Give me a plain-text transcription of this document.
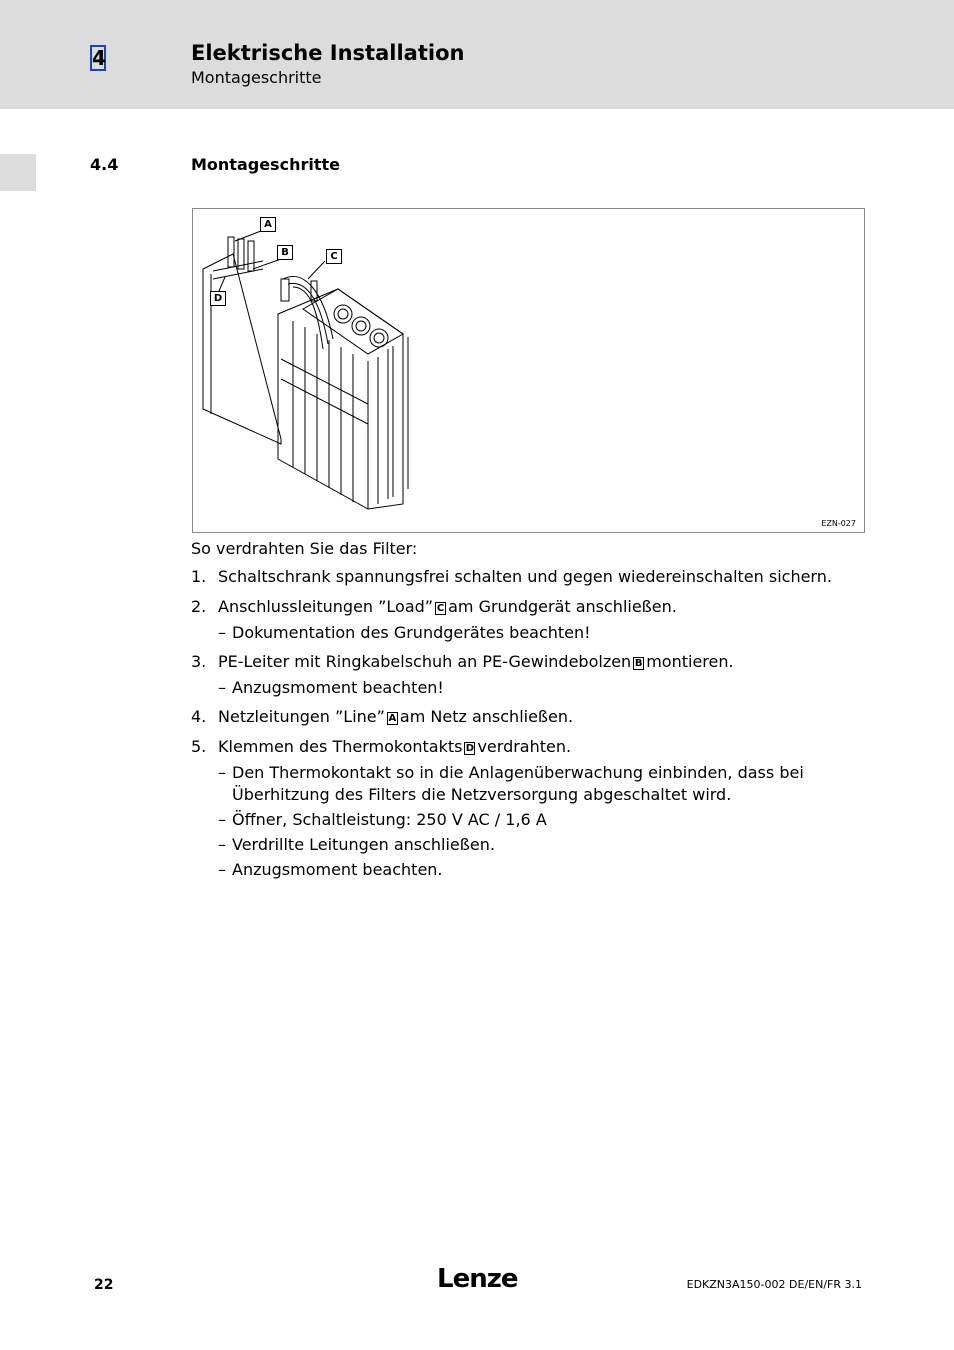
4	Elektrische Installation
Montageschritte
4.4	Montageschritte
A
B	C
D
EZN-027

So verdrahten Sie das Filter:

1. Schaltschrank spannungsfrei schalten und gegen wiedereinschalten sichern.
2. Anschlussleitungen ”Load” C am Grundgerät anschließen.
– Dokumentation des Grundgerätes beachten!
3. PE-Leiter mit Ringkabelschuh an PE-Gewindebolzen B montieren.
– Anzugsmoment beachten!
4. Netzleitungen ”Line” A am Netz anschließen.
5. Klemmen des Thermokontakts D verdrahten.
– Den Thermokontakt so in die Anlagenüberwachung einbinden, dass bei Überhitzung des Filters die Netzversorgung abgeschaltet wird.
– Öffner, Schaltleistung: 250 V AC / 1,6 A
– Verdrillte Leitungen anschließen.
– Anzugsmoment beachten.
22	Lenze	EDKZN3A150-002 DE/EN/FR 3.1
